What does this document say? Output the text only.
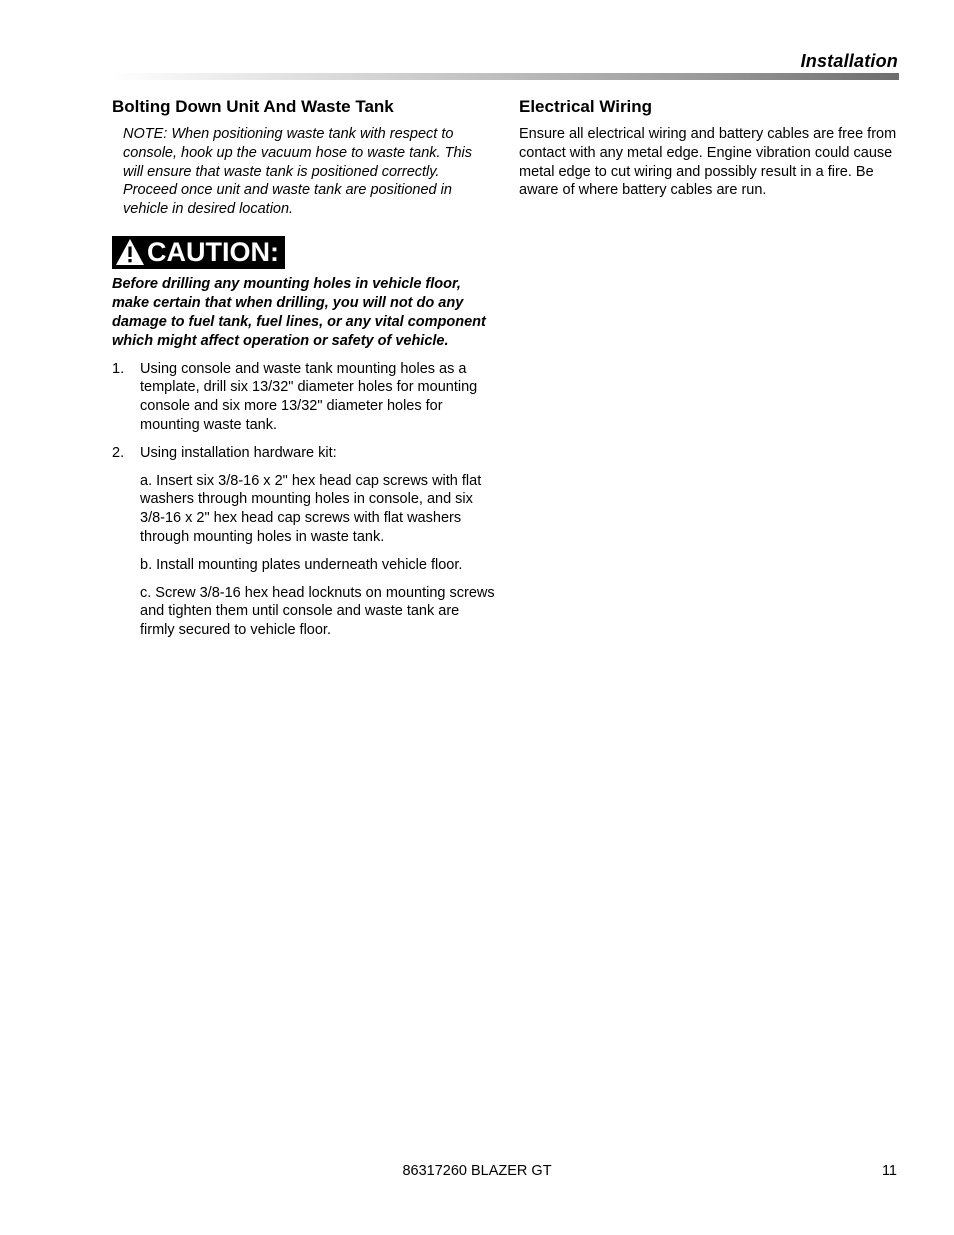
Installation
Bolting Down Unit And Waste Tank
NOTE: When positioning waste tank with respect to console, hook up the vacuum hose to waste tank. This will ensure that waste tank is positioned correctly. Proceed once unit and waste tank are positioned in vehicle in desired location.
CAUTION:
Before drilling any mounting holes in vehicle floor, make certain that when drilling, you will not do any damage to fuel tank, fuel lines, or any vital component which might affect operation or safety of vehicle.
1.	Using console and waste tank mounting holes as a template, drill six 13/32" diameter holes for mounting console and six more 13/32" diameter holes for mounting waste tank.
2.	Using installation hardware kit:
a. Insert six 3/8-16 x 2" hex head cap screws with flat washers through mounting holes in console, and six 3/8-16 x 2" hex head cap screws with flat washers through mounting holes in waste tank.
b. Install mounting plates underneath vehicle floor.
c. Screw 3/8-16 hex head locknuts on mounting screws and tighten them until console and waste tank are firmly secured to vehicle floor.
Electrical Wiring
Ensure all electrical wiring and battery cables are free from contact with any metal edge. Engine vibration could cause metal edge to cut wiring and possibly result in a fire. Be aware of where battery cables are run.
86317260 BLAZER GT	11
